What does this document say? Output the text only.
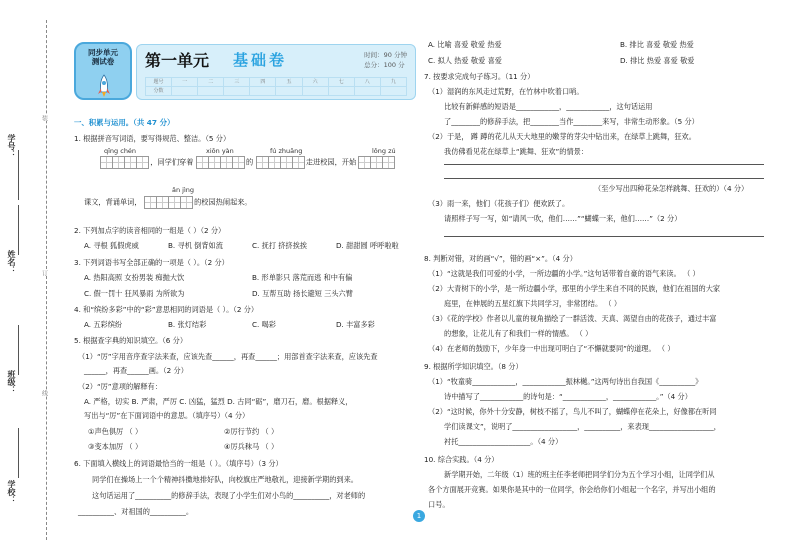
学号：
姓名：
班级：
学校：
装
订
线
同步单元
测试卷	第一单元 基础卷	时间：90 分钟
总分：100 分
题号	一	二	三	四	五	六	七	八	九
分数									
一、积累与运用。（共 47 分）
1. 根据拼音写词语，要写得规范、整洁。（5 分）
qīng chén	xiōn yàn	fú zhuāng	lǒng zú
，同学们穿着	的	走进校园，开始
ǎn jìng
课文，背诵单词，	的校园热闹起来。
2. 下列加点字的读音相同的一组是（ ）（2 分）
A. 寻根 狐假虎威	B. 寻机 倒背如流	C. 抚打 挤挤挨挨	D. 甜甜圆 呼呼啦啦
3. 下列词语书写全部正确的一项是（ ）。（2 分）
A. 热阳高照 女扮男装 痴抛大饮	B. 形单影只 落荒而逃 和中有偏
C. 假一罚十 狂风暴雨 为所欲为	D. 互帮互助 扬长避短 三头六臂
4. 和“缤纷多彩”中的“彩”意思相同的词语是（ ）。（2 分）
A. 五彩缤纷	B. 张灯结彩	C. 喝彩	D. 丰富多彩
5. 根据查字典的知识填空。（6 分）
（1）“厉”字用音序查字法来查，应该先查______，再查______；用部首查字法来查，应该先查
______，再查______画。（2 分）
（2）“厉”意项的解释有：
A. 严格，切实 B. 严肃，严厉 C. 凶猛，猛烈 D. 古同“砺”，磨刀石，磨。根据释义，
写出与“厉”在下面词语中的意思。（填序号）（4 分）
①声色俱厉 （ ）	②厉行节约 （ ）
③变本加厉 （ ）	④厉兵秣马 （ ）
6. 下面填入横线上的词语最恰当的一组是（ ）。（填序号）（3 分）
同学们在操场上一个个精神抖擞地排好队，向校旗庄严地敬礼，迎接新学期的到来。
这句话运用了__________的修辞手法，表现了小学生们对小鸟的__________，对老师的
__________、对祖国的__________。
A. 比喻 喜爱 敬爱 热爱	B. 排比 喜爱 敬爱 热爱
C. 拟人 热爱 敬爱 喜爱	D. 排比 热爱 喜爱 敬爱
7. 按要求完成句子练习。（11 分）
（1）湿润的东风走过荒野，在竹林中吹着口哨。
比较有新鲜感的短语是____________，____________，这句话运用
了________的修辞手法，把________当作________来写，非常生动形象。（5 分）
（2）于是， 蹲 蹲的花儿从天大地里的嫩芽的芽尖中钻出来，在绿草上跳舞，狂欢。
我仿佛看见花在绿草上“跳舞、狂欢”的情景：
（至少写出四种花朵怎样跳舞、狂欢的）（4 分）
（3）雨一来，他们（花孩子们）便欢跃了。
请照样子写一写，如“请风一吹，他们……”“蝴蝶一来，他们……”（2 分）
8. 判断对错，对的画“√”，错的画“×”。（4 分）
（1）“这就是我们可爱的小学，一所边疆的小学。”这句话带着自豪的语气来读。 （ ）
（2）大青树下的小学，是一所边疆小学，那里的小学生来自不同的民族，他们在祖国的大家
庭里，在伸展的五星红旗下共同学习，非常团结。 （ ）
（3）《花的学校》作者以儿童的视角描绘了一群活泼、天真、渴望自由的花孩子，通过丰富
的想象，让花儿有了和我们一样的情感。 （ ）
（4）在老师的鼓励下，少年身一中出现可明白了“不懈就要同”的道理。 （ ）
9. 根据所学知识填空。（8 分）
（1）“牧童骑____________，____________振林樾。”这两句诗出自我国《__________》
诗中描写了____________的诗句是：“____________，____________。”（4 分）
（2）“这时候，你外十分安静，树枝不摇了，鸟儿不叫了，蝴蝶停在花朵上，好像都在听同
学们读课文”，说明了__________________，__________，来表现__________________，
衬托____________________。（4 分）
10. 综合实践。（4 分）
新学期开始，二年级（1）班的班主任李老师把同学们分为五个学习小组，让同学们从
各个方面展开竞赛。如果你是其中的一位同学，你会给你们小组起一个名字，并写出小组的
口号。
1
